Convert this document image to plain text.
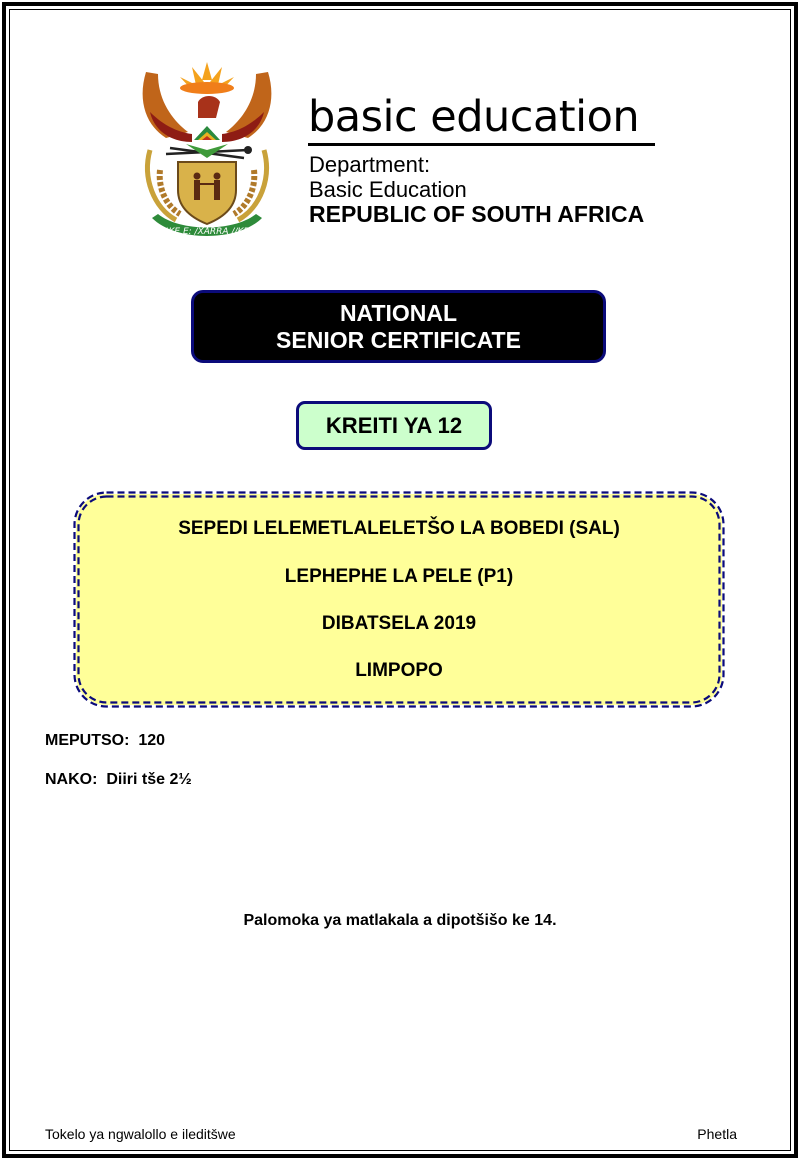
!KE E: /XARRA //KE
basic education
Department:
Basic Education
REPUBLIC OF SOUTH AFRICA
NATIONAL
SENIOR CERTIFICATE
KREITI YA 12
SEPEDI LELEMETLALELETŠO LA BOBEDI (SAL)
LEPHEPHE LA PELE (P1)
DIBATSELA 2019
LIMPOPO
MEPUTSO:  120
NAKO:  Diiri tše 2½
Palomoka ya matlakala a dipotšišo ke 14.
Tokelo ya ngwalollo e ileditšwe	Phetla
